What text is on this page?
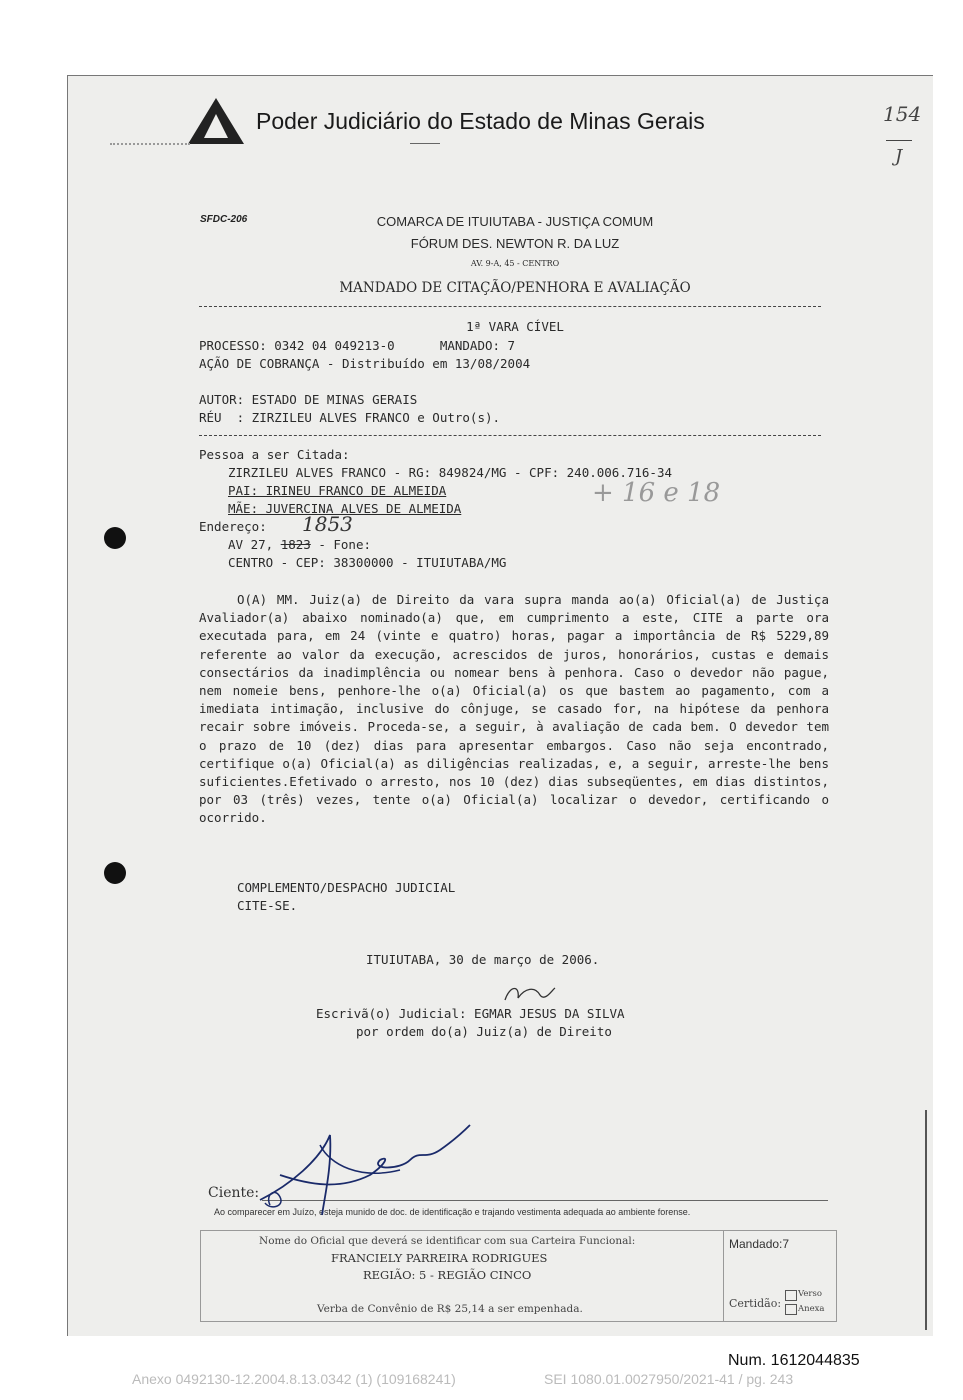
Poder Judiciário do Estado de Minas Gerais	154
J
SFDC-206	COMARCA DE ITUIUTABA - JUSTIÇA COMUM
FÓRUM DES. NEWTON R. DA LUZ
AV. 9-A, 45 - CENTRO
MANDADO DE CITAÇÃO/PENHORA E AVALIAÇÃO
1ª VARA CÍVEL
PROCESSO: 0342 04 049213-0      MANDADO: 7
AÇÃO DE COBRANÇA - Distribuído em 13/08/2004
AUTOR: ESTADO DE MINAS GERAIS
RÉU  : ZIRZILEU ALVES FRANCO e Outro(s).
Pessoa a ser Citada:
ZIRZILEU ALVES FRANCO - RG: 849824/MG - CPF: 240.006.716-34
PAI: IRINEU FRANCO DE ALMEIDA
MÃE: JUVERCINA ALVES DE ALMEIDA
+ 16 e 18
Endereço: 1853
AV 27, 1823 - Fone:
CENTRO - CEP: 38300000 - ITUIUTABA/MG
O(A) MM. Juiz(a) de Direito da vara supra manda ao(a) Oficial(a) de Justiça Avaliador(a) abaixo nominado(a) que, em cumprimento a este, CITE a parte ora executada para, em 24 (vinte e quatro) horas, pagar a importância de R$ 5229,89 referente ao valor da execução, acrescidos de juros, honorários, custas e demais consectários da inadimplência ou nomear bens à penhora. Caso o devedor não pague, nem nomeie bens, penhore-lhe o(a) Oficial(a) os que bastem ao pagamento, com a imediata intimação, inclusive do cônjuge, se casado for, na hipótese da penhora recair sobre imóveis. Proceda-se, a seguir, à avaliação de cada bem. O devedor tem o prazo de 10 (dez) dias para apresentar embargos. Caso não seja encontrado, certifique o(a) Oficial(a) as diligências realizadas, e, a seguir, arreste-lhe bens suficientes.Efetivado o arresto, nos 10 (dez) dias subseqüentes, em dias distintos, por 03 (três) vezes, tente o(a) Oficial(a) localizar o devedor, certificando o ocorrido.
COMPLEMENTO/DESPACHO JUDICIAL
CITE-SE.
ITUIUTABA, 30 de março de 2006.
Escrivã(o) Judicial: EGMAR JESUS DA SILVA
por ordem do(a) Juiz(a) de Direito
Ciente:
Ao comparecer em Juízo, esteja munido de doc. de identificação e trajando vestimenta adequada ao ambiente forense.
Nome do Oficial que deverá se identificar com sua Carteira Funcional:
FRANCIELY PARREIRA RODRIGUES
REGIÃO: 5 - REGIÃO CINCO
Verba de Convênio de R$ 25,14 a ser empenhada.
Mandado:7
Certidão:
Verso
Anexa
Num. 1612044835
Anexo 0492130-12.2004.8.13.0342 (1) (109168241)	SEI 1080.01.0027950/2021-41 / pg. 243
